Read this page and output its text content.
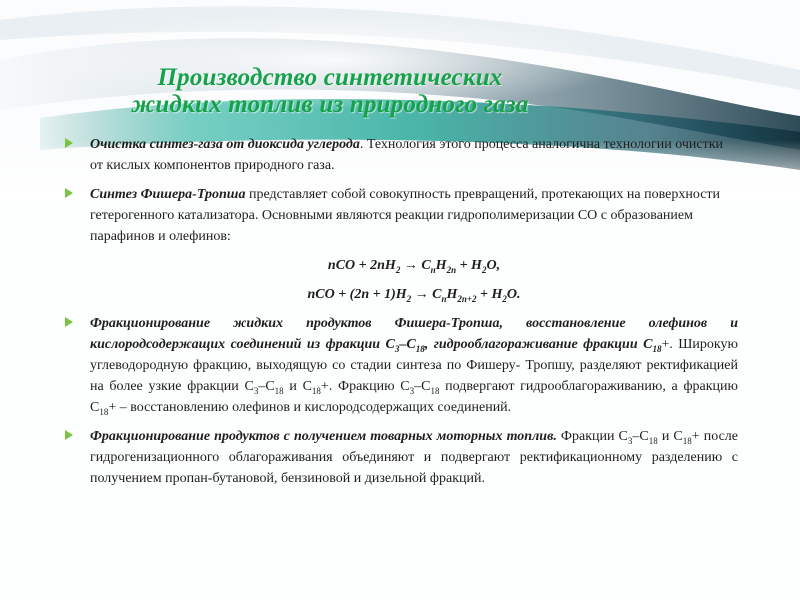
Производство синтетических
жидких топлив из природного газа
Очистка синтез-газа от диоксида углерода. Технология этого процесса аналогична технологии очистки от кислых компонентов природного газа.
Синтез Фишера-Тропша представляет собой совокупность превращений, протекающих на поверхности гетерогенного катализатора. Основными являются реакции гидрополимеризации СО с образованием парафинов и олефинов:
nCO + $2nH_2 \to C_nH_{2n} + H_2O$,
nCO + $(2n + 1)H_2 \to C_nH_{2n+2} + H_2O$.
Фракционирование жидких продуктов Фишера-Тропша, восстановление олефинов и кислородсодержащих соединений из фракции $С_3-С_{18}$, гидрооблагораживание фракции $С_{18}+$. Широкую углеводородную фракцию, выходящую со стадии синтеза по Фишеру- Тропшу, разделяют ректификацией на более узкие фракции $С_3-С_{18}$ и $С_{18}+$. Фракцию $С_3-С_{18}$ подвергают гидрооблагораживанию, а фракцию $С_{18}+$ – восстановлению олефинов и кислородсодержащих соединений.
Фракционирование продуктов с получением товарных моторных топлив. Фракции $С_3-С_{18}$ и $С_{18}+$ после гидрогенизационного облагораживания объединяют и подвергают ректификационному разделению с получением пропан-бутановой, бензиновой и дизельной фракций.
